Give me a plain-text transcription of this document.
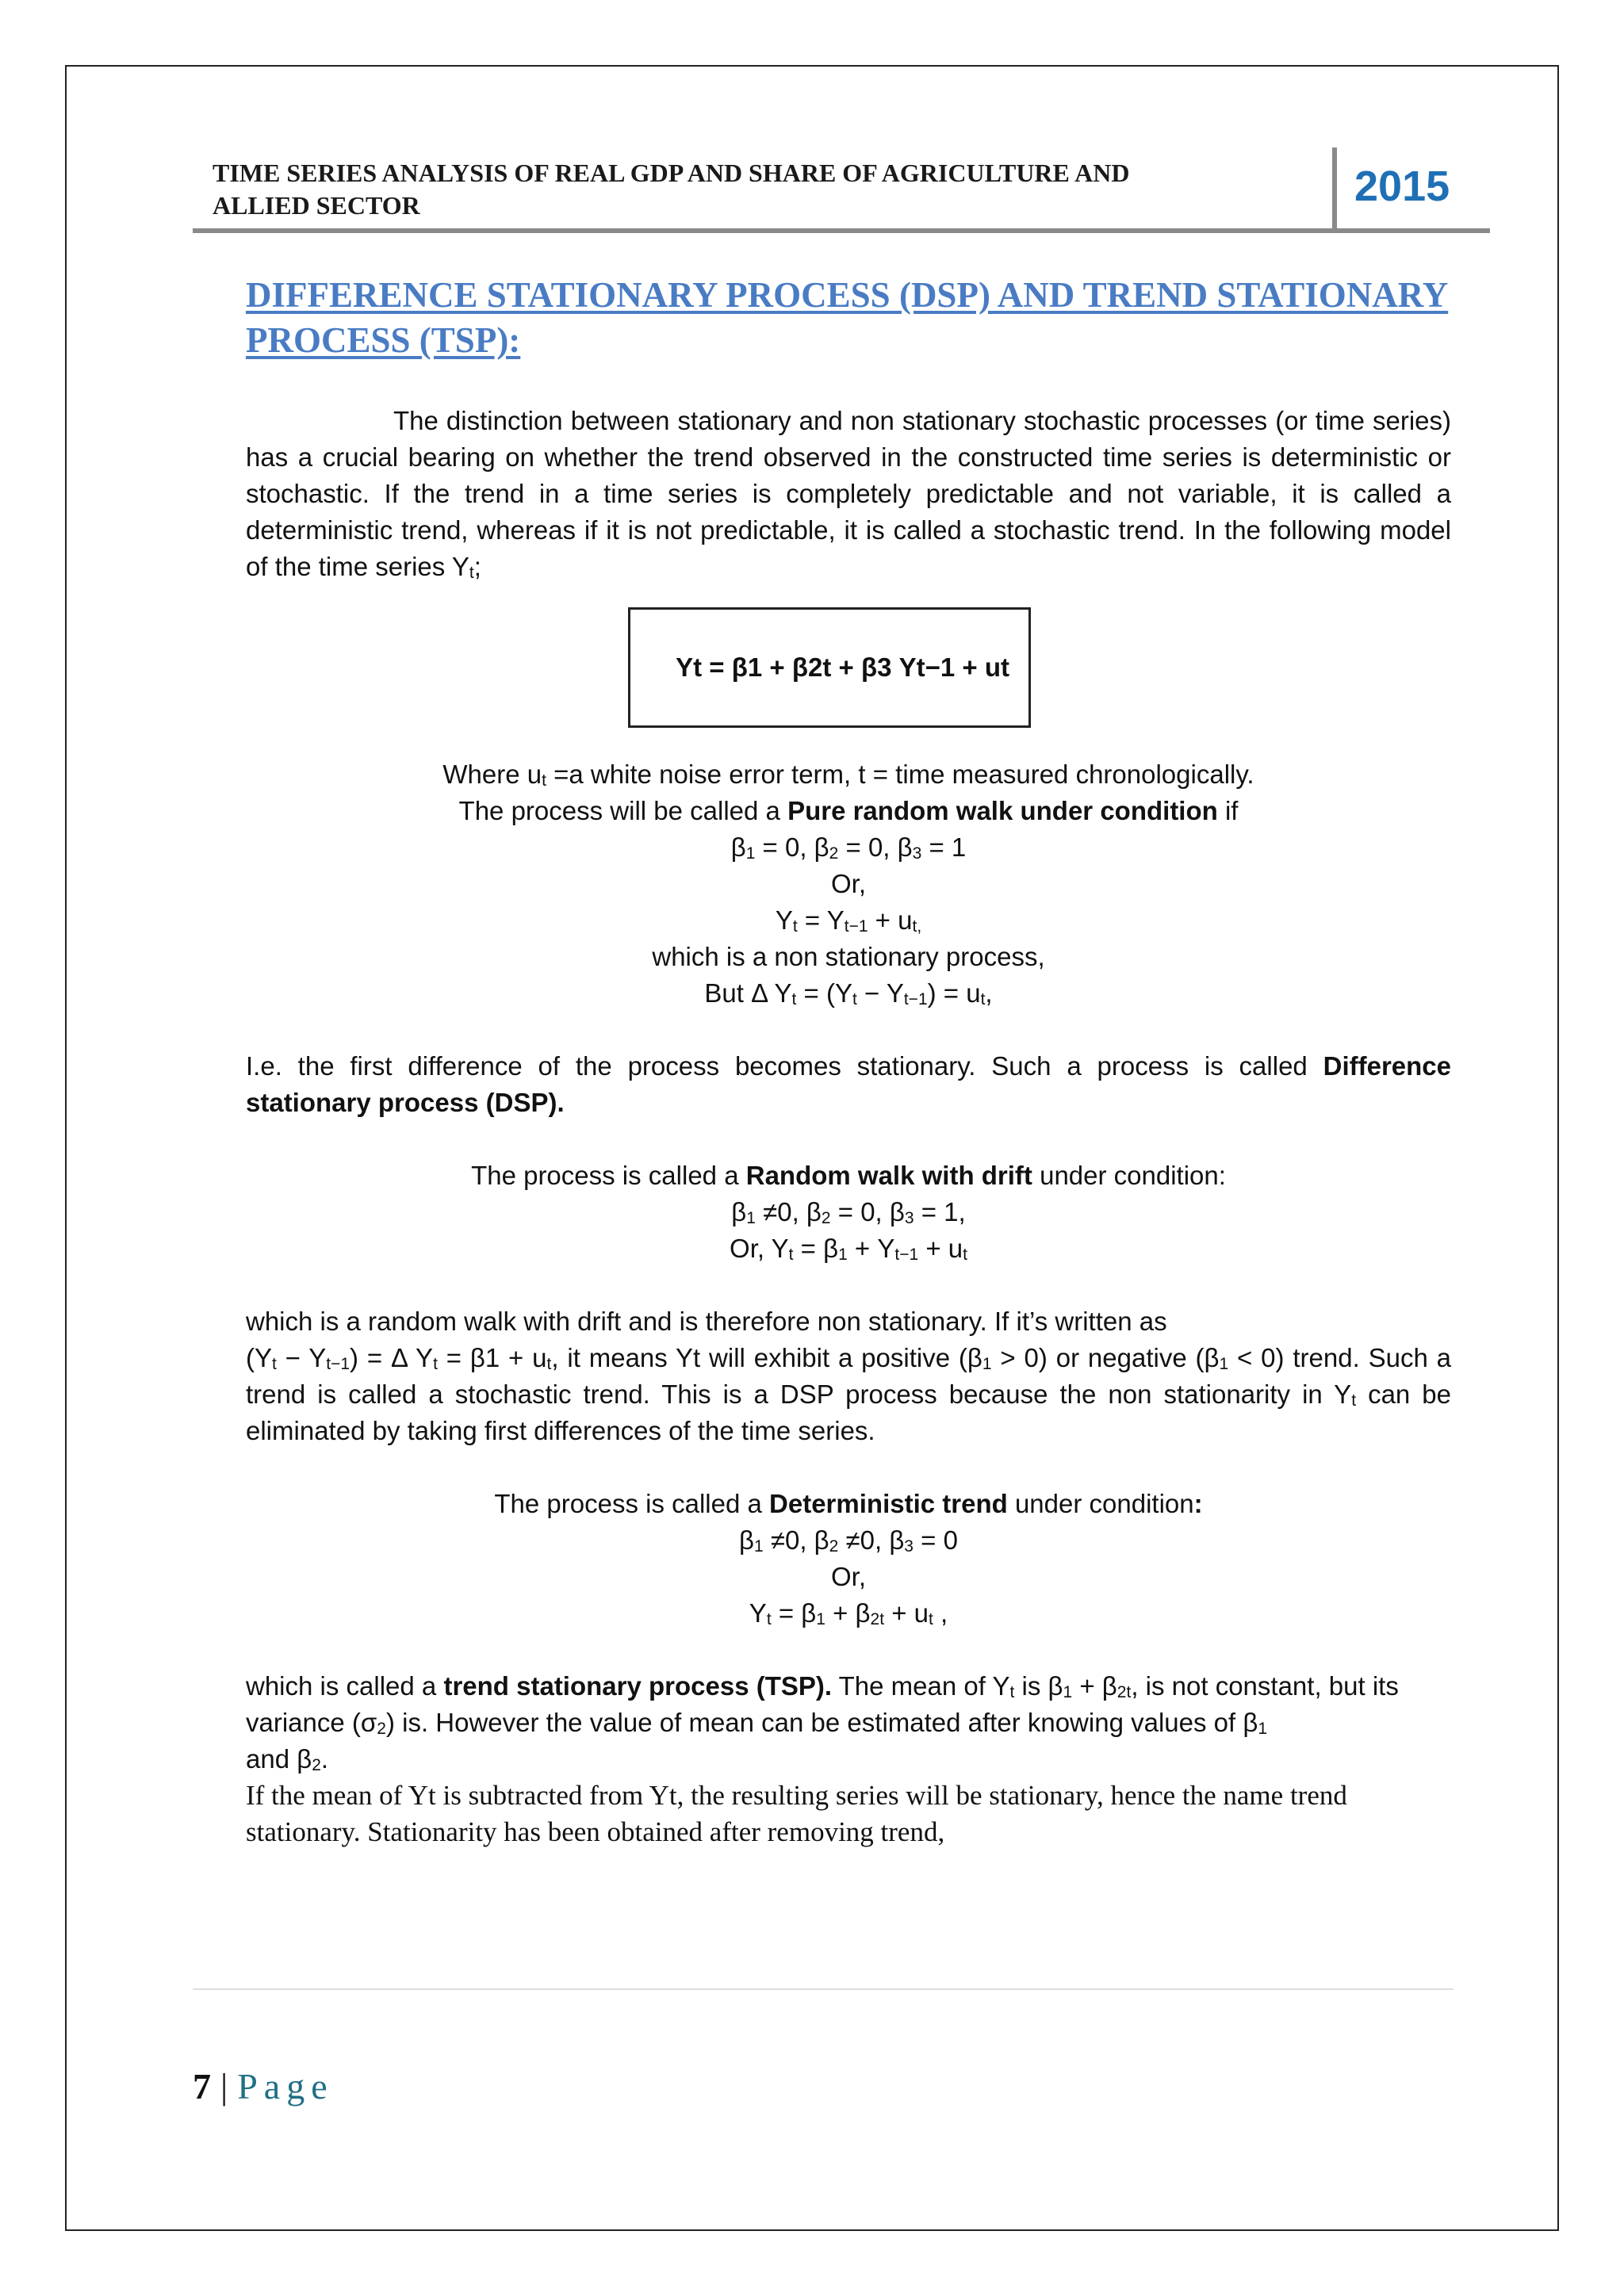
TIME SERIES ANALYSIS OF REAL GDP AND SHARE OF AGRICULTURE AND
ALLIED SECTOR	2015
DIFFERENCE STATIONARY PROCESS (DSP) AND TREND STATIONARY PROCESS (TSP):

The distinction between stationary and non stationary stochastic processes (or time series) has a crucial bearing on whether the trend observed in the constructed time series is deterministic or stochastic. If the trend in a time series is completely predictable and not variable, it is called a deterministic trend, whereas if it is not predictable, it is called a stochastic trend. In the following model of the time series $Y_t$;

Yt = β1 + β2t + β3 Yt−1 + ut

Where $u_t =a$ white noise error term, t = time measured chronologically.

The process will be called a Pure random walk under condition if

$\beta_1 = 0$, $\beta_2 = 0$, $\beta_3 = 1$

Or,

$Y_t = Y_{t-1} + u_{t,}$

which is a non stationary process,

But Δ $Y_t = (Y_t - Y_{t-1}) = u_t$,

I.e. the first difference of the process becomes stationary. Such a process is called Difference stationary process (DSP).

The process is called a Random walk with drift under condition:

$\beta_1 \ne 0$, $\beta_2 = 0$, $\beta_3 = 1$,

Or, $Y_t = \beta_1 + Y_{t-1} + u_t$

which is a random walk with drift and is therefore non stationary. If it’s written as

$(Y_t - Y_{t-1}) = \Delta$ $Y_t = \beta 1 + u_t$, it means Yt will exhibit a positive $(\beta_1 > 0)$ or negative $(\beta_1 < 0)$ trend. Such a trend is called a stochastic trend. This is a DSP process because the non stationarity in $Y_t$ can be eliminated by taking first differences of the time series.

The process is called a Deterministic trend under condition:

$\beta_1 \ne 0$, $\beta_2 \ne 0$, $\beta_3 = 0$

Or,

$Y_t = \beta_1 + \beta_{2t} + u_t$ ,

which is called a trend stationary process (TSP). The mean of $Y_t$ is $\beta_1 + \beta_{2t}$, is not constant, but its variance $(\sigma_2)$ is. However the value of mean can be estimated after knowing values of $\beta_1$
and $\beta_2$.

If the mean of Yt is subtracted from Yt, the resulting series will be stationary, hence the name trend stationary. Stationarity has been obtained after removing trend,

7 | Page
